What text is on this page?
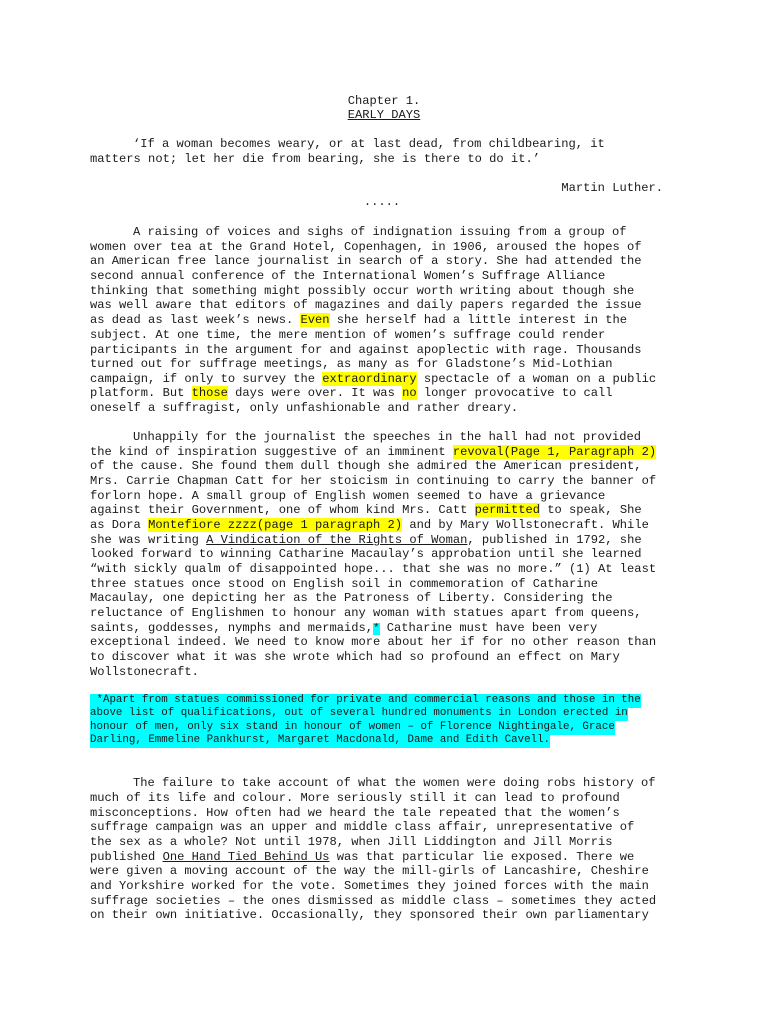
Chapter 1.
EARLY DAYS
‘If a woman becomes weary, or at last dead, from childbearing, it
matters not; let her die from bearing, she is there to do it.’
Martin Luther.
.....
A raising of voices and sighs of indignation issuing from a group of
women over tea at the Grand Hotel, Copenhagen, in 1906, aroused the hopes of
an American free lance journalist in search of a story. She had attended the
second annual conference of the International Women’s Suffrage Alliance
thinking that something might possibly occur worth writing about though she
was well aware that editors of magazines and daily papers regarded the issue
as dead as last week’s news. Even she herself had a little interest in the
subject. At one time, the mere mention of women’s suffrage could render
participants in the argument for and against apoplectic with rage. Thousands
turned out for suffrage meetings, as many as for Gladstone’s Mid-Lothian
campaign, if only to survey the extraordinary spectacle of a woman on a public
platform. But those days were over. It was no longer provocative to call
oneself a suffragist, only unfashionable and rather dreary.
Unhappily for the journalist the speeches in the hall had not provided
the kind of inspiration suggestive of an imminent revoval(Page 1, Paragraph 2)
of the cause. She found them dull though she admired the American president,
Mrs. Carrie Chapman Catt for her stoicism in continuing to carry the banner of
forlorn hope. A small group of English women seemed to have a grievance
against their Government, one of whom kind Mrs. Catt permitted to speak, She
as Dora Montefiore zzzz(page 1 paragraph 2) and by Mary Wollstonecraft. While
she was writing A Vindication of the Rights of Woman, published in 1792, she
looked forward to winning Catharine Macaulay’s approbation until she learned
“with sickly qualm of disappointed hope... that she was no more.” (1) At least
three statues once stood on English soil in commemoration of Catharine
Macaulay, one depicting her as the Patroness of Liberty. Considering the
reluctance of Englishmen to honour any woman with statues apart from queens,
saints, goddesses, nymphs and mermaids,* Catharine must have been very
exceptional indeed. We need to know more about her if for no other reason than
to discover what it was she wrote which had so profound an effect on Mary
Wollstonecraft.
*Apart from statues commissioned for private and commercial reasons and those in the
above list of qualifications, out of several hundred monuments in London erected in
honour of men, only six stand in honour of women – of Florence Nightingale, Grace
Darling, Emmeline Pankhurst, Margaret Macdonald, Dame and Edith Cavell.
The failure to take account of what the women were doing robs history of
much of its life and colour. More seriously still it can lead to profound
misconceptions. How often had we heard the tale repeated that the women’s
suffrage campaign was an upper and middle class affair, unrepresentative of
the sex as a whole? Not until 1978, when Jill Liddington and Jill Morris
published One Hand Tied Behind Us was that particular lie exposed. There we
were given a moving account of the way the mill-girls of Lancashire, Cheshire
and Yorkshire worked for the vote. Sometimes they joined forces with the main
suffrage societies – the ones dismissed as middle class – sometimes they acted
on their own initiative. Occasionally, they sponsored their own parliamentary
